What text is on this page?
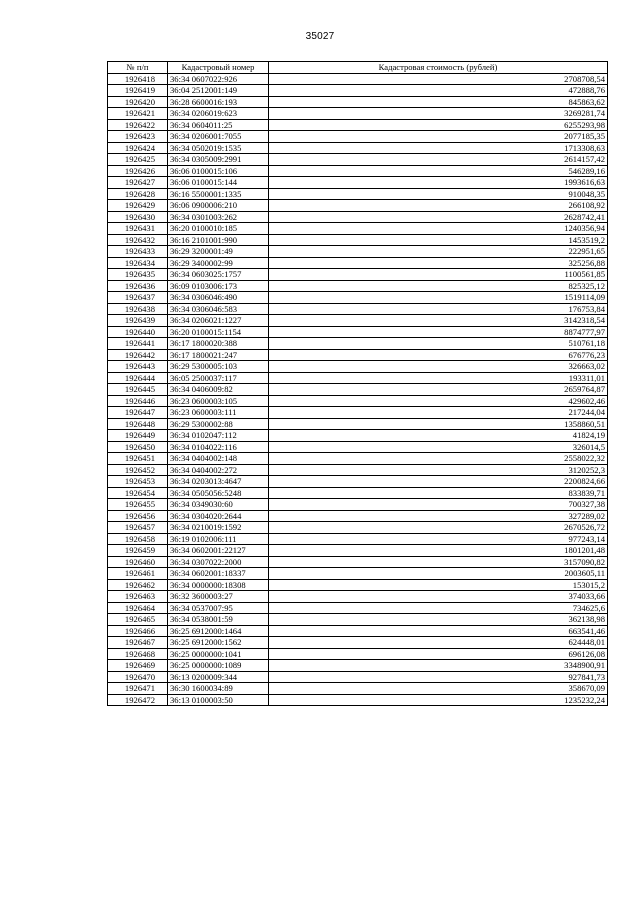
35027
№ п/п	Кадастровый номер	Кадастровая стоимость (рублей)
1926418	36:34 0607022:926	2708708,54
1926419	36:04 2512001:149	472888,76
1926420	36:28 6600016:193	845863,62
1926421	36:34 0206019:623	3269281,74
1926422	36:34 0604011:25	6255293,98
1926423	36:34 0206001:7055	2077185,35
1926424	36:34 0502019:1535	1713308,63
1926425	36:34 0305009:2991	2614157,42
1926426	36:06 0100015:106	546289,16
1926427	36:06 0100015:144	1993616,63
1926428	36:16 5500001:1335	910048,35
1926429	36:06 0900006:210	266108,92
1926430	36:34 0301003:262	2628742,41
1926431	36:20 0100010:185	1240356,94
1926432	36:16 2101001:990	1453519,2
1926433	36:29 3200001:49	222951,65
1926434	36:29 3400002:99	325256,88
1926435	36:34 0603025:1757	1100561,85
1926436	36:09 0103006:173	825325,12
1926437	36:34 0306046:490	1519114,09
1926438	36:34 0306046:583	176753,84
1926439	36:34 0206021:1227	3142318,54
1926440	36:20 0100015:1154	8874777,97
1926441	36:17 1800020:388	510761,18
1926442	36:17 1800021:247	676776,23
1926443	36:29 5300005:103	326663,02
1926444	36:05 2500037:117	193311,01
1926445	36:34 0406009:82	2659764,87
1926446	36:23 0600003:105	429602,46
1926447	36:23 0600003:111	217244,04
1926448	36:29 5300002:88	1358860,51
1926449	36:34 0102047:112	41824,19
1926450	36:34 0104022:116	326014,5
1926451	36:34 0404002:148	2558022,32
1926452	36:34 0404002:272	3120252,3
1926453	36:34 0203013:4647	2200824,66
1926454	36:34 0505056:5248	833839,71
1926455	36:34 0349030:60	700327,38
1926456	36:34 0304020:2644	327289,02
1926457	36:34 0210019:1592	2670526,72
1926458	36:19 0102006:111	977243,14
1926459	36:34 0602001:22127	1801201,48
1926460	36:34 0307022:2000	3157090,82
1926461	36:34 0602001:18337	2003605,11
1926462	36:34 0000000:18308	153015,2
1926463	36:32 3600003:27	374033,66
1926464	36:34 0537007:95	734625,6
1926465	36:34 0538001:59	362138,98
1926466	36:25 6912000:1464	663541,46
1926467	36:25 6912000:1562	624448,01
1926468	36:25 0000000:1041	696126,08
1926469	36:25 0000000:1089	3348900,91
1926470	36:13 0200009:344	927841,73
1926471	36:30 1600034:89	358670,09
1926472	36:13 0100003:50	1235232,24
